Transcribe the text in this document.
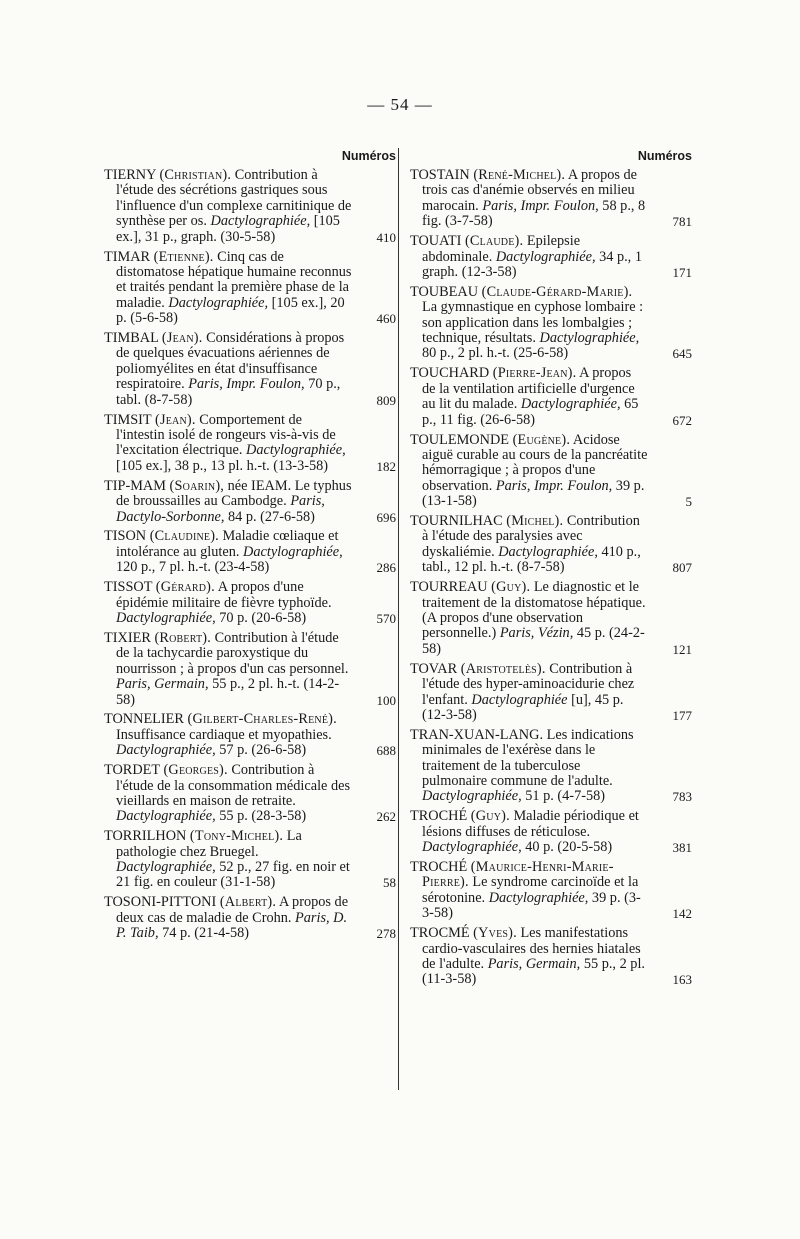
— 54 —
Numéros
TIERNY (Christian). Contribution à l'étude des sécrétions gastriques sous l'influence d'un complexe carnitinique de synthèse per os. Dactylographiée, [105 ex.], 31 p., graph. (30-5-58)	410
TIMAR (Etienne). Cinq cas de distomatose hépatique humaine reconnus et traités pendant la première phase de la maladie. Dactylographiée, [105 ex.], 20 p. (5-6-58)	460
TIMBAL (Jean). Considérations à propos de quelques évacuations aériennes de poliomyélites en état d'insuffisance respiratoire. Paris, Impr. Foulon, 70 p., tabl. (8-7-58)	809
TIMSIT (Jean). Comportement de l'intestin isolé de rongeurs vis-à-vis de l'excitation électrique. Dactylographiée, [105 ex.], 38 p., 13 pl. h.-t. (13-3-58)	182
TIP-MAM (Soarin), née IEAM. Le typhus de broussailles au Cambodge. Paris, Dactylo-Sorbonne, 84 p. (27-6-58)	696
TISON (Claudine). Maladie cœliaque et intolérance au gluten. Dactylographiée, 120 p., 7 pl. h.-t. (23-4-58)	286
TISSOT (Gérard). A propos d'une épidémie militaire de fièvre typhoïde. Dactylographiée, 70 p. (20-6-58)	570
TIXIER (Robert). Contribution à l'étude de la tachycardie paroxystique du nourrisson ; à propos d'un cas personnel. Paris, Germain, 55 p., 2 pl. h.-t. (14-2-58)	100
TONNELIER (Gilbert-Charles-René). Insuffisance cardiaque et myopathies. Dactylographiée, 57 p. (26-6-58)	688
TORDET (Georges). Contribution à l'étude de la consommation médicale des vieillards en maison de retraite. Dactylographiée, 55 p. (28-3-58)	262
TORRILHON (Tony-Michel). La pathologie chez Bruegel. Dactylographiée, 52 p., 27 fig. en noir et 21 fig. en couleur (31-1-58)	58
TOSONI-PITTONI (Albert). A propos de deux cas de maladie de Crohn. Paris, D. P. Taib, 74 p. (21-4-58)	278
Numéros
TOSTAIN (René-Michel). A propos de trois cas d'anémie observés en milieu marocain. Paris, Impr. Foulon, 58 p., 8 fig. (3-7-58)	781
TOUATI (Claude). Epilepsie abdominale. Dactylographiée, 34 p., 1 graph. (12-3-58)	171
TOUBEAU (Claude-Gérard-Marie). La gymnastique en cyphose lombaire : son application dans les lombalgies ; technique, résultats. Dactylographiée, 80 p., 2 pl. h.-t. (25-6-58)	645
TOUCHARD (Pierre-Jean). A propos de la ventilation artificielle d'urgence au lit du malade. Dactylographiée, 65 p., 11 fig. (26-6-58)	672
TOULEMONDE (Eugène). Acidose aiguë curable au cours de la pancréatite hémorragique ; à propos d'une observation. Paris, Impr. Foulon, 39 p. (13-1-58)	5
TOURNILHAC (Michel). Contribution à l'étude des paralysies avec dyskaliémie. Dactylographiée, 410 p., tabl., 12 pl. h.-t. (8-7-58)	807
TOURREAU (Guy). Le diagnostic et le traitement de la distomatose hépatique. (A propos d'une observation personnelle.) Paris, Vézin, 45 p. (24-2-58)	121
TOVAR (Aristotelès). Contribution à l'étude des hyper-aminoacidurie chez l'enfant. Dactylographiée [u], 45 p. (12-3-58)	177
TRAN-XUAN-LANG. Les indications minimales de l'exérèse dans le traitement de la tuberculose pulmonaire commune de l'adulte. Dactylographiée, 51 p. (4-7-58)	783
TROCHÉ (Guy). Maladie périodique et lésions diffuses de réticulose. Dactylographiée, 40 p. (20-5-58)	381
TROCHÉ (Maurice-Henri-Marie-Pierre). Le syndrome carcinoïde et la sérotonine. Dactylographiée, 39 p. (3-3-58)	142
TROCMÉ (Yves). Les manifestations cardio-vasculaires des hernies hiatales de l'adulte. Paris, Germain, 55 p., 2 pl. (11-3-58)	163
